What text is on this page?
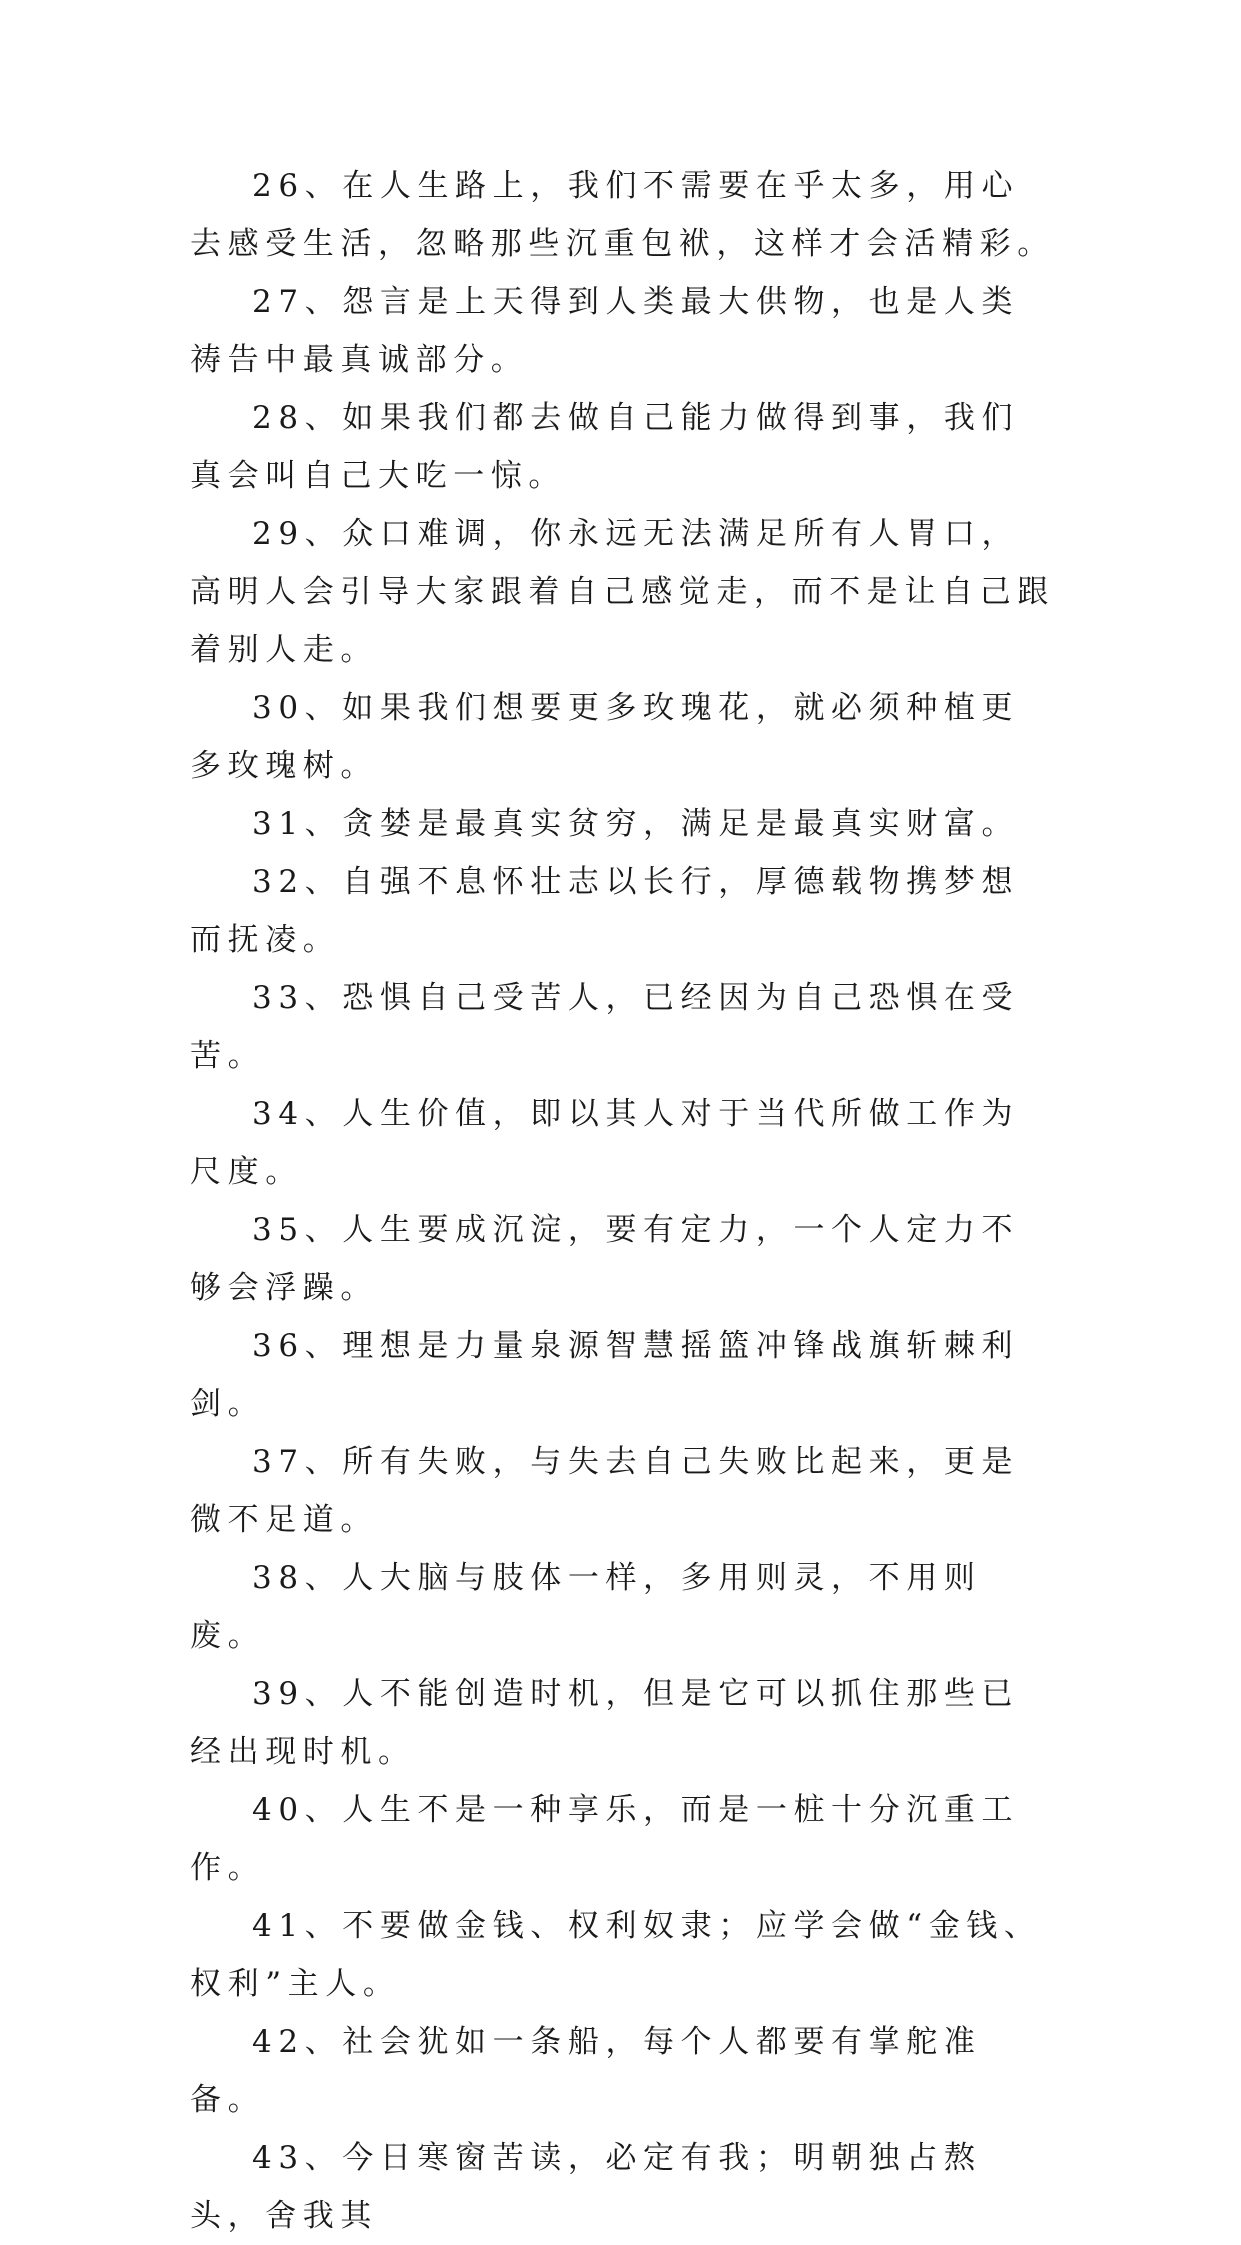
26、在人生路上，我们不需要在乎太多，用心去感受生活，忽略那些沉重包袱，这样才会活精彩。

27、怨言是上天得到人类最大供物，也是人类祷告中最真诚部分。

28、如果我们都去做自己能力做得到事，我们真会叫自己大吃一惊。

29、众口难调，你永远无法满足所有人胃口，高明人会引导大家跟着自己感觉走，而不是让自己跟着别人走。

30、如果我们想要更多玫瑰花，就必须种植更多玫瑰树。

31、贪婪是最真实贫穷，满足是最真实财富。

32、自强不息怀壮志以长行，厚德载物携梦想而抚凌。

33、恐惧自己受苦人，已经因为自己恐惧在受苦。

34、人生价值，即以其人对于当代所做工作为尺度。

35、人生要成沉淀，要有定力，一个人定力不够会浮躁。

36、理想是力量泉源智慧摇篮冲锋战旗斩棘利剑。

37、所有失败，与失去自己失败比起来，更是微不足道。

38、人大脑与肢体一样，多用则灵，不用则废。

39、人不能创造时机，但是它可以抓住那些已经出现时机。

40、人生不是一种享乐，而是一桩十分沉重工作。

41、不要做金钱、权利奴隶；应学会做“金钱、权利”主人。

42、社会犹如一条船，每个人都要有掌舵准备。

43、今日寒窗苦读，必定有我；明朝独占熬头，舍我其
